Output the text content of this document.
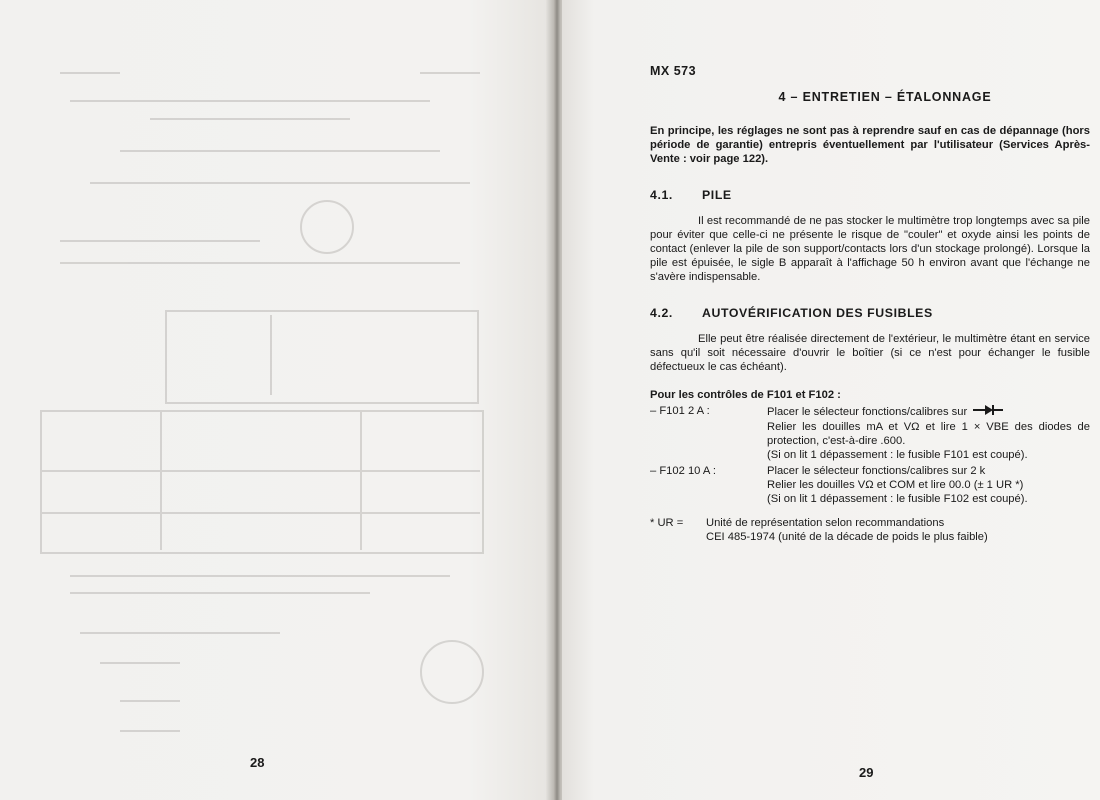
28
MX 573
4 – ENTRETIEN – ÉTALONNAGE
En principe, les réglages ne sont pas à reprendre sauf en cas de dépannage (hors période de garantie) entrepris éventuellement par l'utilisateur (Services Après-Vente : voir page 122).
4.1. PILE

Il est recommandé de ne pas stocker le multimètre trop longtemps avec sa pile pour éviter que celle-ci ne présente le risque de "couler" et oxyde ainsi les points de contact (enlever la pile de son support/contacts lors d'un stockage prolongé). Lorsque la pile est épuisée, le sigle B apparaît à l'affichage 50 h environ avant que l'échange ne s'avère indispensable.

4.2. AUTOVÉRIFICATION DES FUSIBLES

Elle peut être réalisée directement de l'extérieur, le multimètre étant en service sans qu'il soit nécessaire d'ouvrir le boîtier (si ce n'est pour échanger le fusible défectueux le cas échéant).

Pour les contrôles de F101 et F102 :
– F101 2 A :	Placer le sélecteur fonctions/calibres sur
Relier les douilles mA et VΩ et lire 1 × VBE des diodes de protection, c'est-à-dire .600.
(Si on lit 1 dépassement : le fusible F101 est coupé).
– F102 10 A :	Placer le sélecteur fonctions/calibres sur 2 k
Relier les douilles VΩ et COM et lire 00.0 (± 1 UR *)
(Si on lit 1 dépassement : le fusible F102 est coupé).
* UR =	Unité de représentation selon recommandations
CEI 485-1974 (unité de la décade de poids le plus faible)
29
